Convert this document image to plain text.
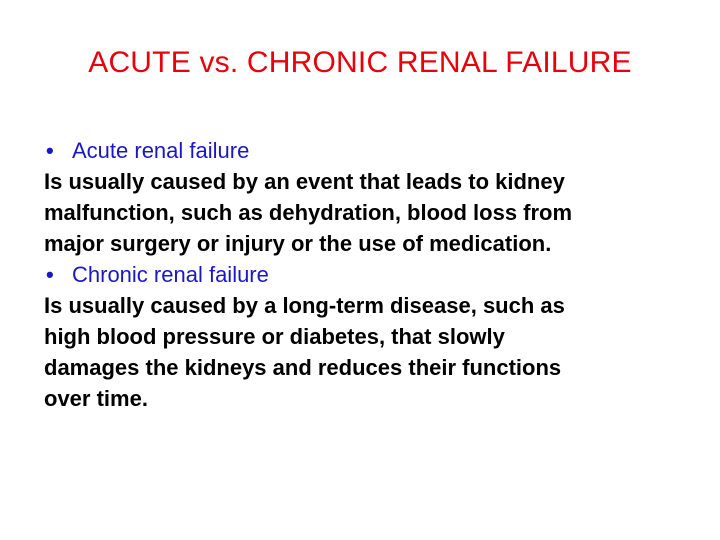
ACUTE vs. CHRONIC RENAL FAILURE
• Acute renal failure
Is usually caused by an event that leads to kidney
malfunction, such as dehydration, blood loss from
major surgery or injury or the use of medication.
• Chronic renal failure
Is usually caused by a long-term disease, such as
high blood pressure or diabetes, that slowly
damages the kidneys and reduces their functions
over time.
